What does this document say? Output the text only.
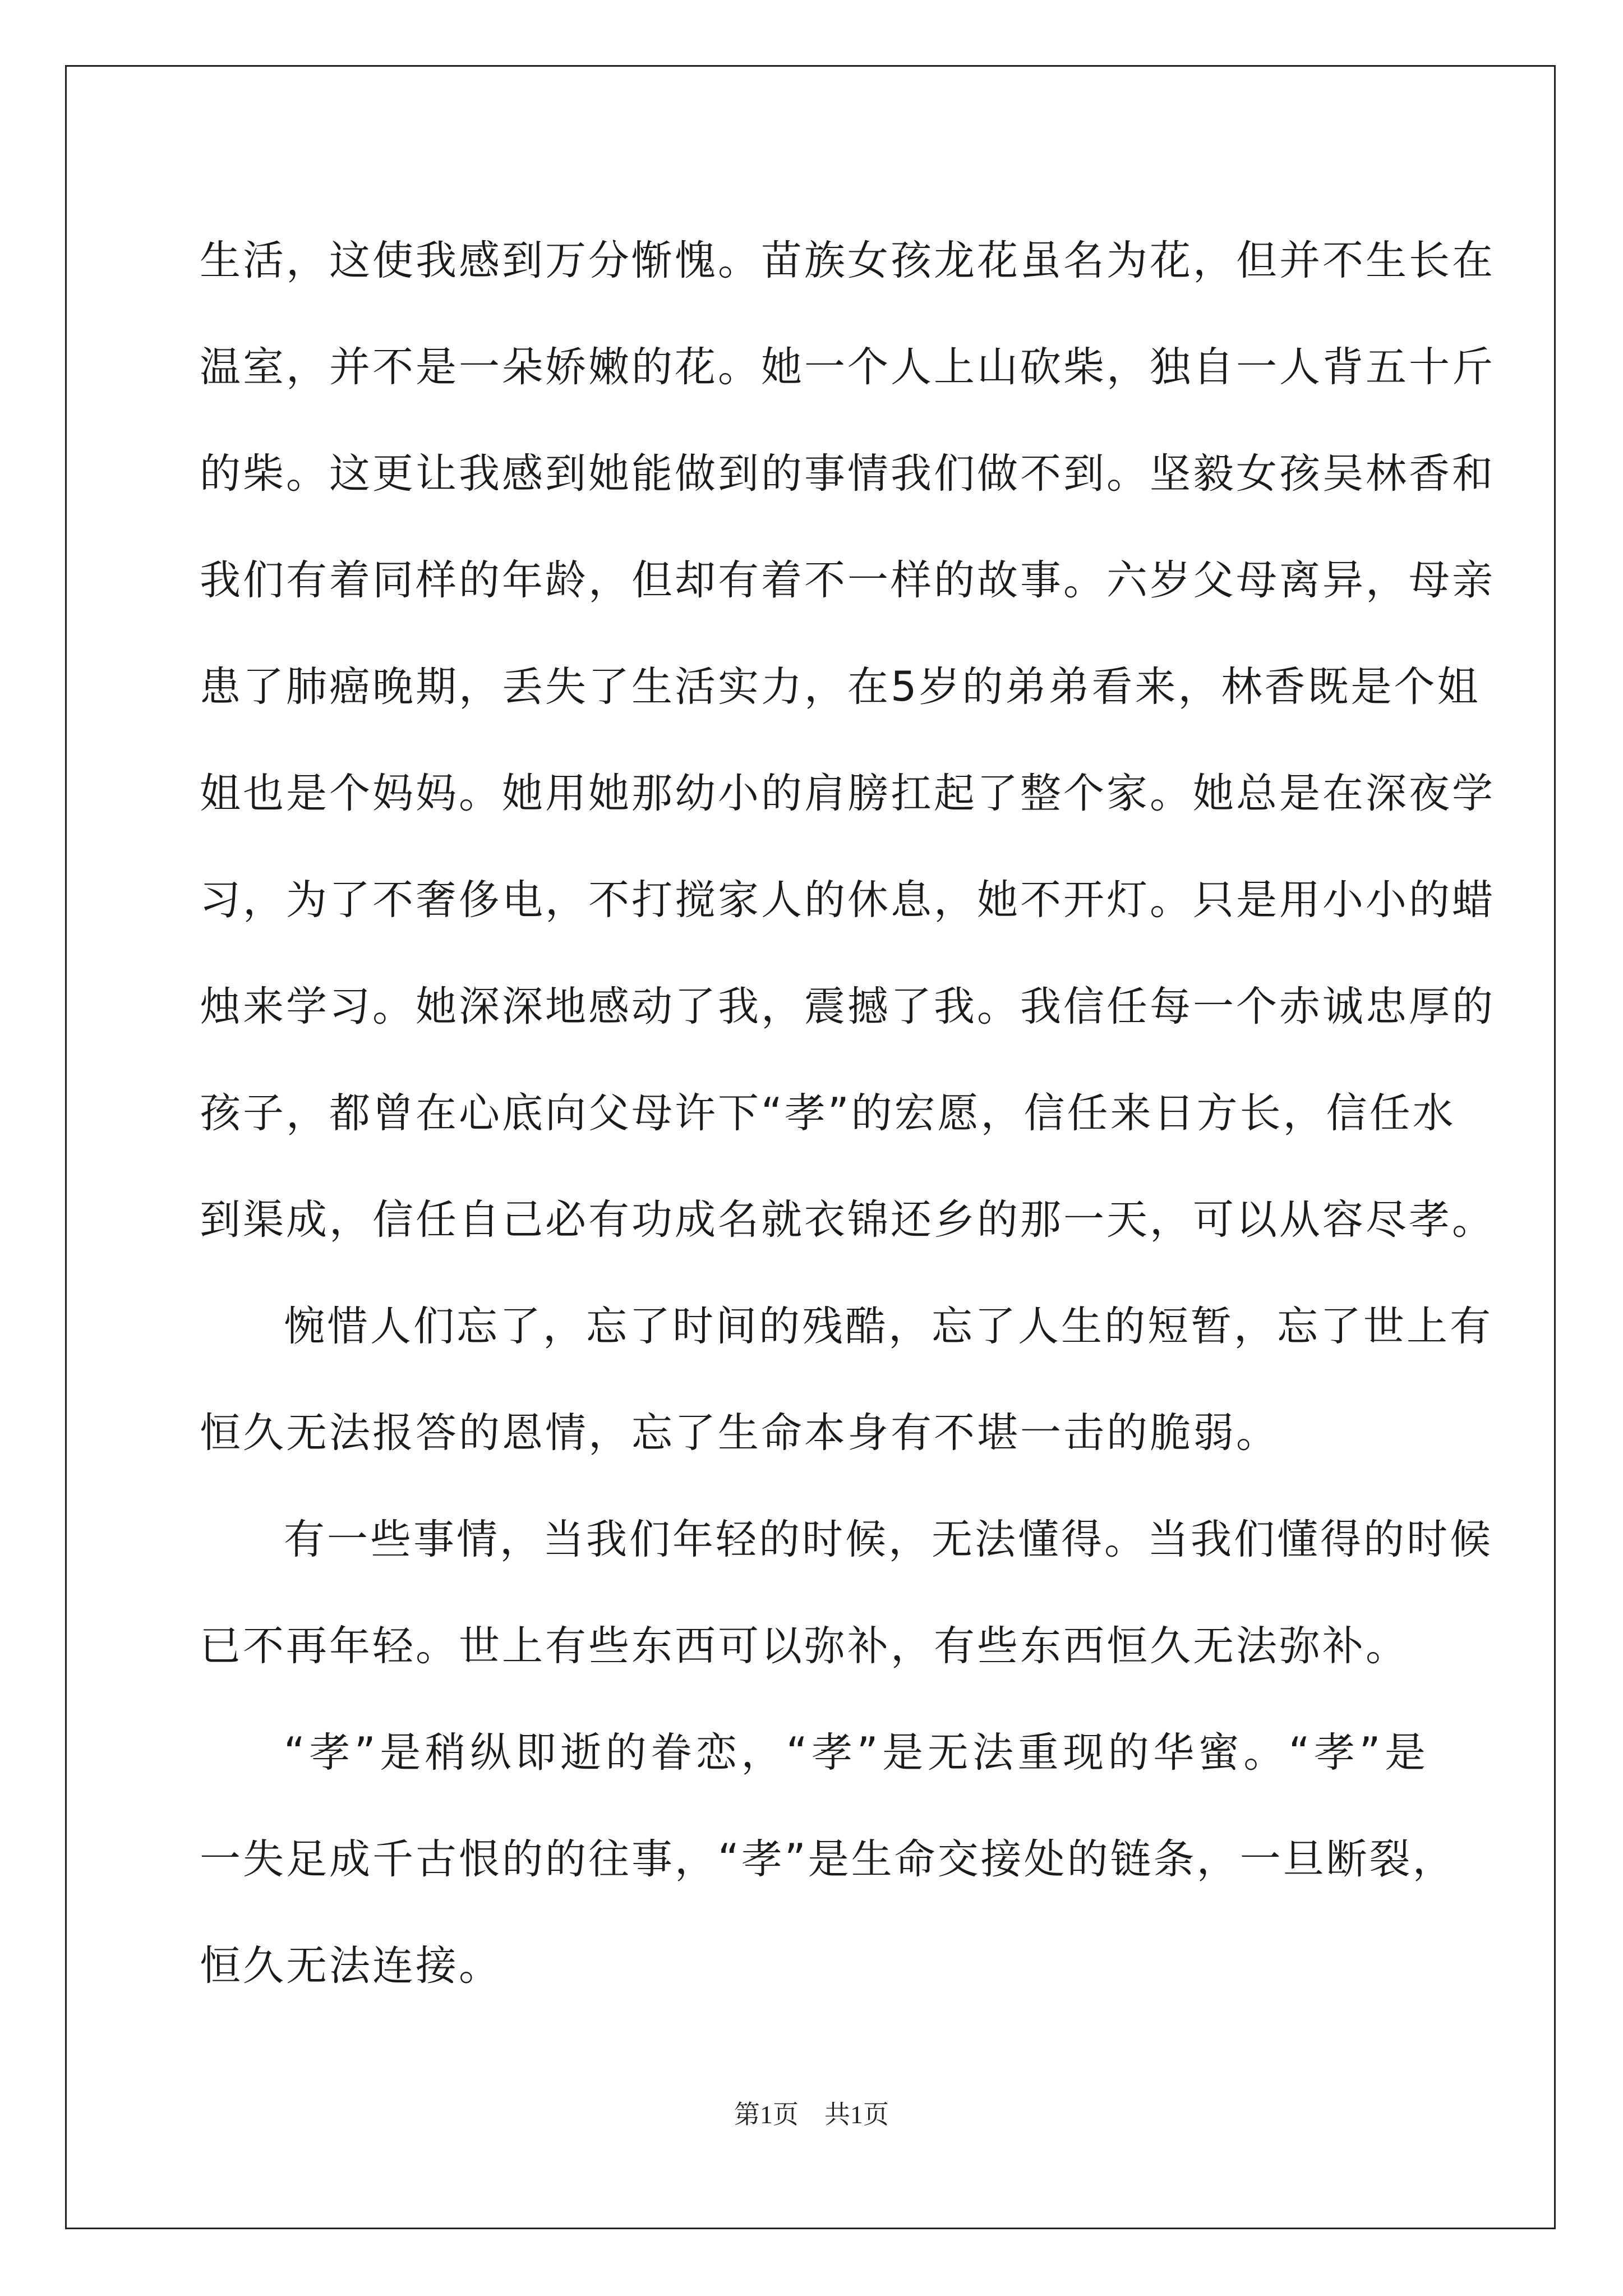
生活，这使我感到万分惭愧。苗族女孩龙花虽名为花，但并不生长在
温室，并不是一朵娇嫩的花。她一个人上山砍柴，独自一人背五十斤
的柴。这更让我感到她能做到的事情我们做不到。坚毅女孩吴林香和
我们有着同样的年龄，但却有着不一样的故事。六岁父母离异，母亲
患了肺癌晚期，丢失了生活实力，在5岁的弟弟看来，林香既是个姐
姐也是个妈妈。她用她那幼小的肩膀扛起了整个家。她总是在深夜学
习，为了不奢侈电，不打搅家人的休息，她不开灯。只是用小小的蜡
烛来学习。她深深地感动了我，震撼了我。我信任每一个赤诚忠厚的
孩子，都曾在心底向父母许下“孝”的宏愿，信任来日方长，信任水
到渠成，信任自己必有功成名就衣锦还乡的那一天，可以从容尽孝。
惋惜人们忘了，忘了时间的残酷，忘了人生的短暂，忘了世上有
恒久无法报答的恩情，忘了生命本身有不堪一击的脆弱。
有一些事情，当我们年轻的时候，无法懂得。当我们懂得的时候
已不再年轻。世上有些东西可以弥补，有些东西恒久无法弥补。
“孝”是稍纵即逝的眷恋，“孝”是无法重现的华蜜。“孝”是
一失足成千古恨的的往事，“孝”是生命交接处的链条，一旦断裂，
恒久无法连接。
第1页　共1页
